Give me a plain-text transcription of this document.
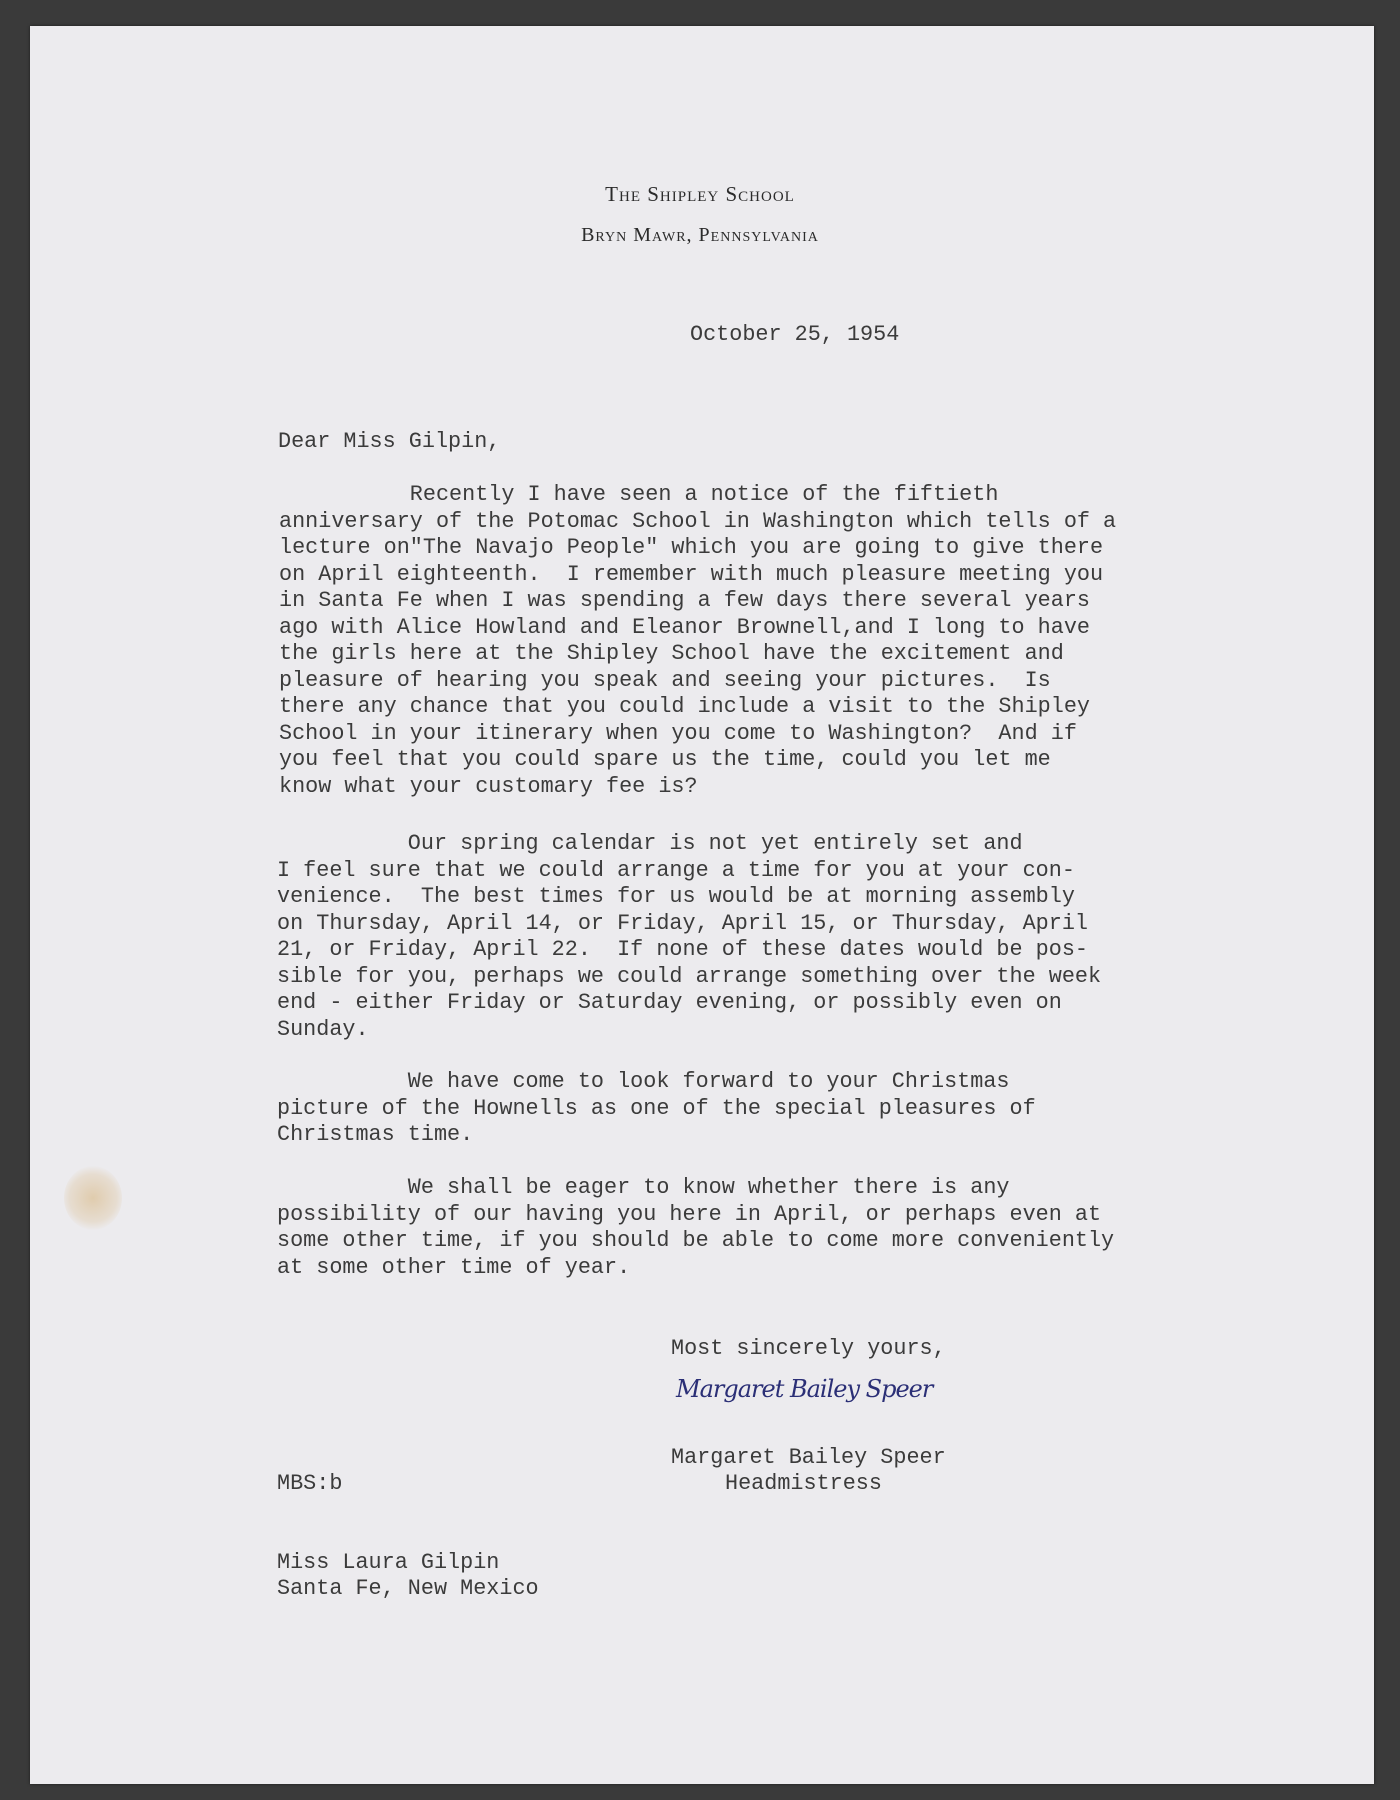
The Shipley School

Bryn Mawr, Pennsylvania

October 25, 1954

Dear Miss Gilpin,

Recently I have seen a notice of the fiftieth
anniversary of the Potomac School in Washington which tells of a
lecture on"The Navajo People" which you are going to give there
on April eighteenth.  I remember with much pleasure meeting you
in Santa Fe when I was spending a few days there several years
ago with Alice Howland and Eleanor Brownell,and I long to have
the girls here at the Shipley School have the excitement and
pleasure of hearing you speak and seeing your pictures.  Is
there any chance that you could include a visit to the Shipley
School in your itinerary when you come to Washington?  And if
you feel that you could spare us the time, could you let me
know what your customary fee is?

Our spring calendar is not yet entirely set and
I feel sure that we could arrange a time for you at your con-
venience.  The best times for us would be at morning assembly
on Thursday, April 14, or Friday, April 15, or Thursday, April
21, or Friday, April 22.  If none of these dates would be pos-
sible for you, perhaps we could arrange something over the week
end - either Friday or Saturday evening, or possibly even on
Sunday.

We have come to look forward to your Christmas
picture of the Hownells as one of the special pleasures of
Christmas time.

We shall be eager to know whether there is any
possibility of our having you here in April, or perhaps even at
some other time, if you should be able to come more conveniently
at some other time of year.

Most sincerely yours,

Margaret Bailey Speer

Margaret Bailey Speer

Headmistress

MBS:b

Miss Laura Gilpin

Santa Fe, New Mexico
